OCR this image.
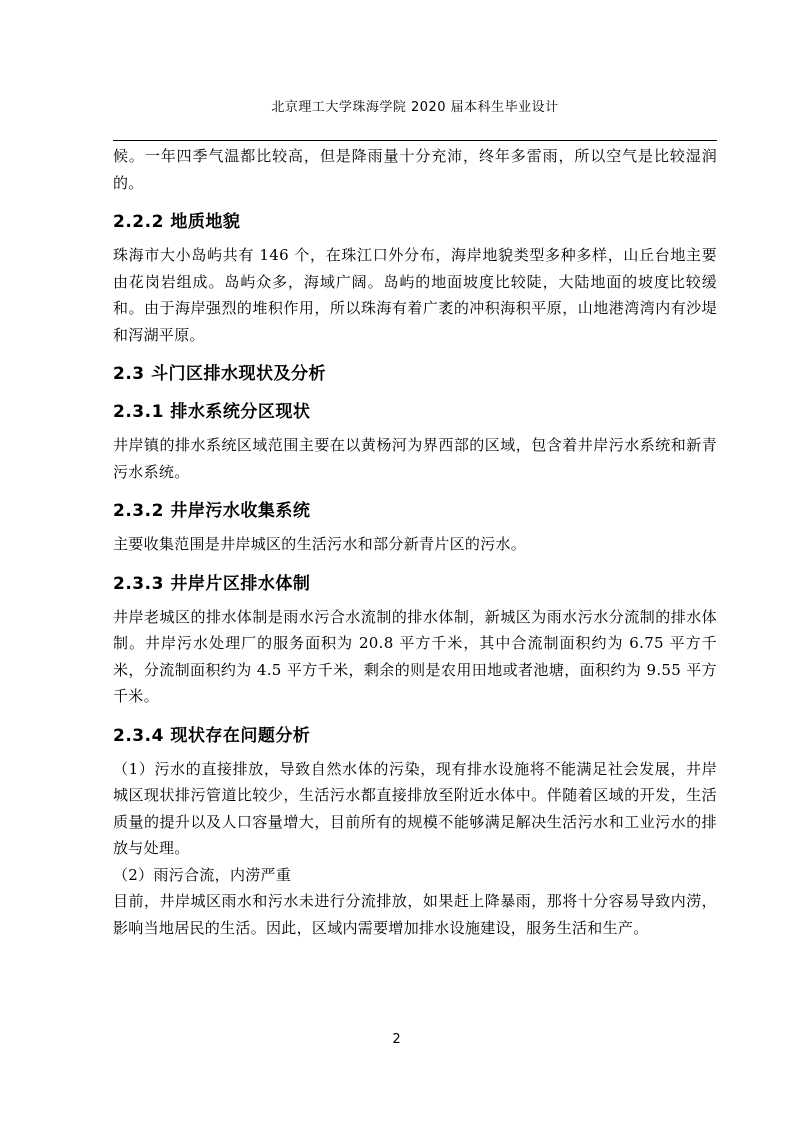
北京理工大学珠海学院 2020 届本科生毕业设计

候。一年四季气温都比较高，但是降雨量十分充沛，终年多雷雨，所以空气是比较湿润的。

2.2.2 地质地貌

珠海市大小岛屿共有 146 个，在珠江口外分布，海岸地貌类型多种多样，山丘台地主要由花岗岩组成。岛屿众多，海域广阔。岛屿的地面坡度比较陡，大陆地面的坡度比较缓和。由于海岸强烈的堆积作用，所以珠海有着广袤的冲积海积平原，山地港湾湾内有沙堤和泻湖平原。

2.3 斗门区排水现状及分析
2.3.1 排水系统分区现状

井岸镇的排水系统区域范围主要在以黄杨河为界西部的区域，包含着井岸污水系统和新青污水系统。

2.3.2 井岸污水收集系统

主要收集范围是井岸城区的生活污水和部分新青片区的污水。

2.3.3 井岸片区排水体制

井岸老城区的排水体制是雨水污合水流制的排水体制，新城区为雨水污水分流制的排水体制。井岸污水处理厂的服务面积为 20.8 平方千米，其中合流制面积约为 6.75 平方千米，分流制面积约为 4.5 平方千米，剩余的则是农用田地或者池塘，面积约为 9.55 平方千米。

2.3.4 现状存在问题分析

（1）污水的直接排放，导致自然水体的污染，现有排水设施将不能满足社会发展，井岸城区现状排污管道比较少，生活污水都直接排放至附近水体中。伴随着区域的开发，生活质量的提升以及人口容量增大，目前所有的规模不能够满足解决生活污水和工业污水的排放与处理。

（2）雨污合流，内涝严重

目前，井岸城区雨水和污水未进行分流排放，如果赶上降暴雨，那将十分容易导致内涝，影响当地居民的生活。因此，区域内需要增加排水设施建设，服务生活和生产。

2
